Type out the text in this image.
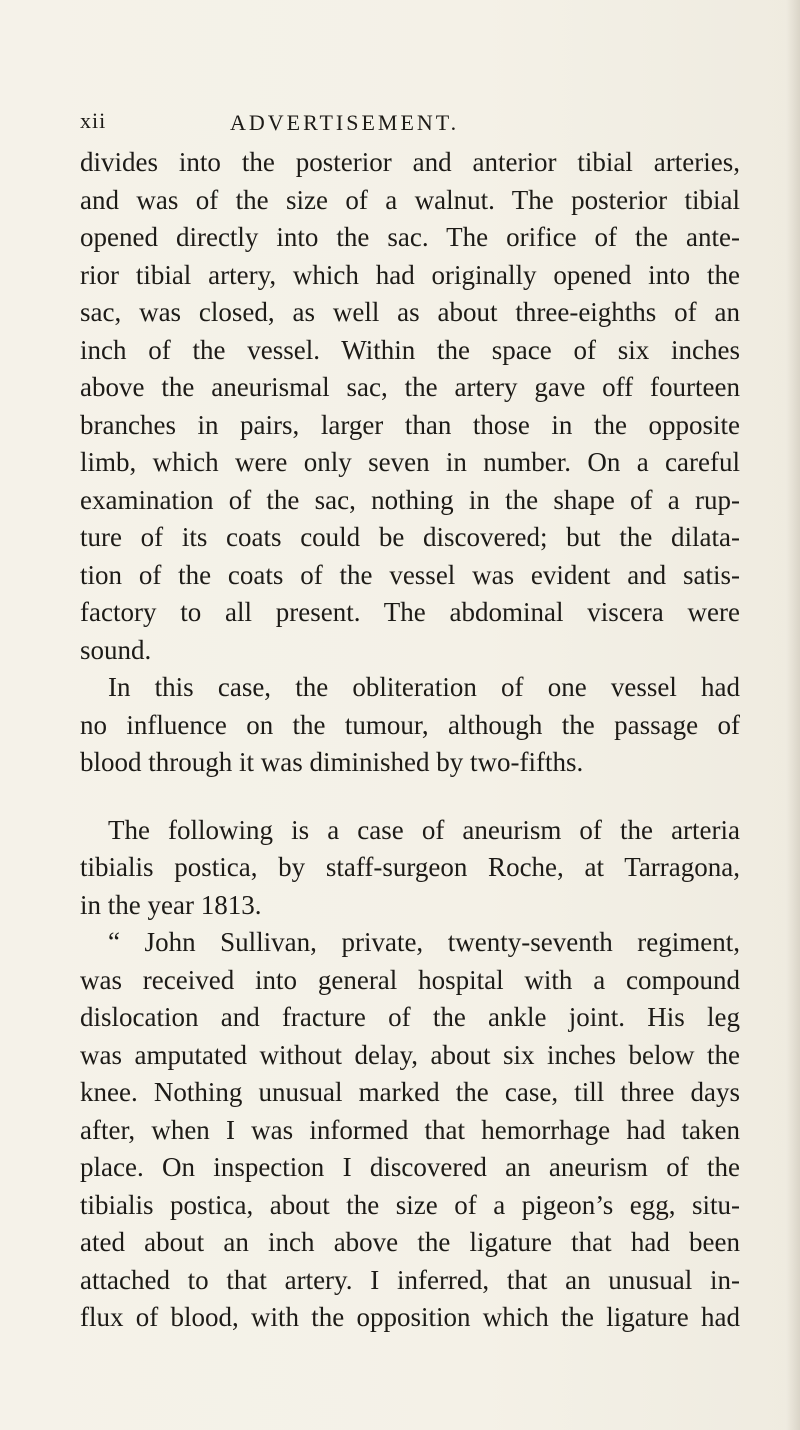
xii	ADVERTISEMENT.
divides into the posterior and anterior tibial arteries,
and was of the size of a walnut. The posterior tibial
opened directly into the sac. The orifice of the ante-
rior tibial artery, which had originally opened into the
sac, was closed, as well as about three-eighths of an
inch of the vessel. Within the space of six inches
above the aneurismal sac, the artery gave off fourteen
branches in pairs, larger than those in the opposite
limb, which were only seven in number. On a careful
examination of the sac, nothing in the shape of a rup-
ture of its coats could be discovered; but the dilata-
tion of the coats of the vessel was evident and satis-
factory to all present. The abdominal viscera were
sound.
In this case, the obliteration of one vessel had
no influence on the tumour, although the passage of
blood through it was diminished by two-fifths.
The following is a case of aneurism of the arteria
tibialis postica, by staff-surgeon Roche, at Tarragona,
in the year 1813.
“ John Sullivan, private, twenty-seventh regiment,
was received into general hospital with a compound
dislocation and fracture of the ankle joint. His leg
was amputated without delay, about six inches below the
knee. Nothing unusual marked the case, till three days
after, when I was informed that hemorrhage had taken
place. On inspection I discovered an aneurism of the
tibialis postica, about the size of a pigeon’s egg, situ-
ated about an inch above the ligature that had been
attached to that artery. I inferred, that an unusual in-
flux of blood, with the opposition which the ligature had
